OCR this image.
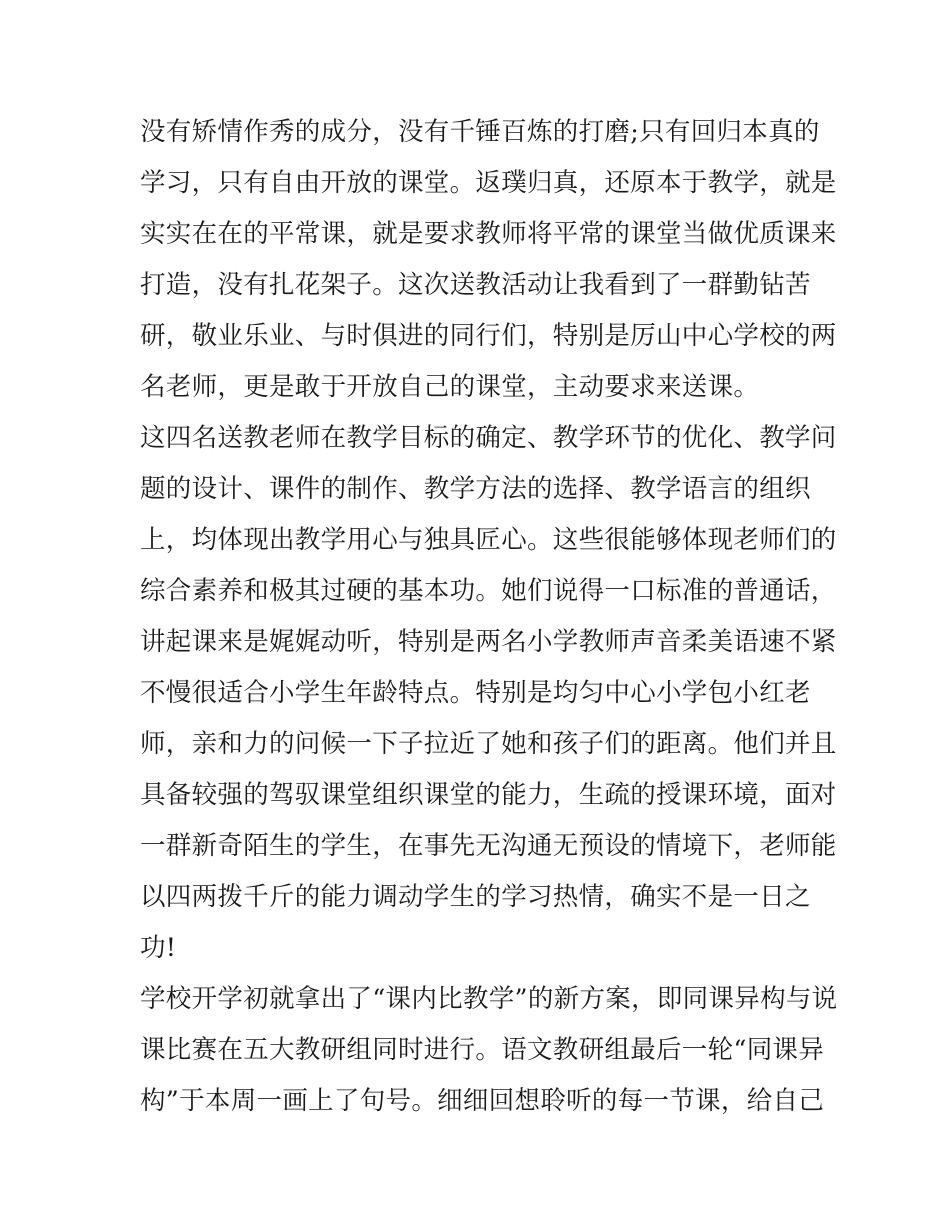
没有矫情作秀的成分，没有千锤百炼的打磨;只有回归本真的
学习，只有自由开放的课堂。返璞归真，还原本于教学，就是
实实在在的平常课，就是要求教师将平常的课堂当做优质课来
打造，没有扎花架子。这次送教活动让我看到了一群勤钻苦
研，敬业乐业、与时俱进的同行们，特别是厉山中心学校的两
名老师，更是敢于开放自己的课堂，主动要求来送课。
这四名送教老师在教学目标的确定、教学环节的优化、教学问
题的设计、课件的制作、教学方法的选择、教学语言的组织
上，均体现出教学用心与独具匠心。这些很能够体现老师们的
综合素养和极其过硬的基本功。她们说得一口标准的普通话，
讲起课来是娓娓动听，特别是两名小学教师声音柔美语速不紧
不慢很适合小学生年龄特点。特别是均匀中心小学包小红老
师，亲和力的问候一下子拉近了她和孩子们的距离。他们并且
具备较强的驾驭课堂组织课堂的能力，生疏的授课环境，面对
一群新奇陌生的学生，在事先无沟通无预设的情境下，老师能
以四两拨千斤的能力调动学生的学习热情，确实不是一日之
功!
学校开学初就拿出了“课内比教学”的新方案，即同课异构与说
课比赛在五大教研组同时进行。语文教研组最后一轮“同课异
构”于本周一画上了句号。细细回想聆听的每一节课，给自己
